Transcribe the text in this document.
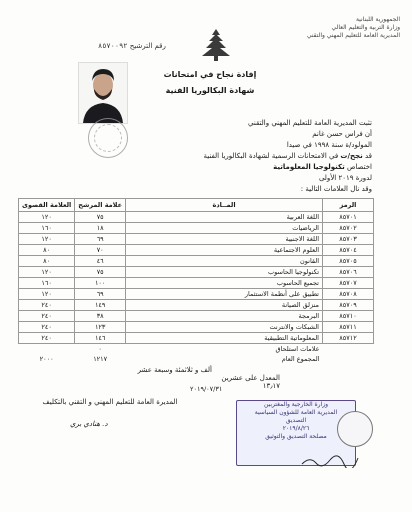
الجمهورية اللبنانية
وزارة التربية والتعليم العالي
المديرية العامة للتعليم المهني والتقني
رقم الترشيح ٨٥٧٠٠٩٢
إفادة نجاح في امتحانات
شهادة البكالوريا الفنية
تثبت المديرية العامة للتعليم المهني والتقني
أن فراس حسن غانم
المولود/ة سنة ١٩٩٨ في صيدا
قد نجح/ت في الامتحانات الرسمية لشهادة البكالوريا الفنية
اختصاص تكنولوجيا المعلوماتية
لدورة ٢٠١٩ الأولى
وقد نال العلامات التالية :
الرمز	المــادة	علامة المرشح	العلامة القصوى
٨٥٧٠١	اللغة العربية	٧٥	١٢٠
٨٥٧٠٢	الرياضيات	١٨	١٦٠
٨٥٧٠٣	اللغة الاجنبية	٦٩	١٢٠
٨٥٧٠٤	العلوم الاجتماعية	٧٠	٨٠
٨٥٧٠٥	القانون	٤٦	٨٠
٨٥٧٠٦	تكنولوجيا الحاسوب	٧٥	١٢٠
٨٥٧٠٧	تجميع الحاسوب	١٠٠	١٦٠
٨٥٧٠٨	تطبيق على أنظمة الاستثمار	٦٩	١٢٠
٨٥٧٠٩	منزلق الصيانة	١٤٩	٢٤٠
٨٥٧١٠	البرمجة	٣٨	٢٤٠
٨٥٧١١	الشبكات والانترنت	١٢٣	٢٤٠
٨٥٧١٢	المعلوماتية التطبيقية	١٤٦	٢٤٠
	علامات استلحاق	٠	
	المجموع العام	١٢١٧	٢٠٠٠
ألف و ثلاثمئة وسبعة عشر
المعدل على عشرين
١٣٫١٧
٢٠١٩/٠٧/٣١
المديرة العامة للتعليم المهني و التقني بالتكليف
د. هنادي بري
وزارة الخارجية والمغتربين
المديرية العامة للشؤون السياسية
التصديق
٢٠١٩/٨/٢٦
مصلحة التصديق والتوثيق
